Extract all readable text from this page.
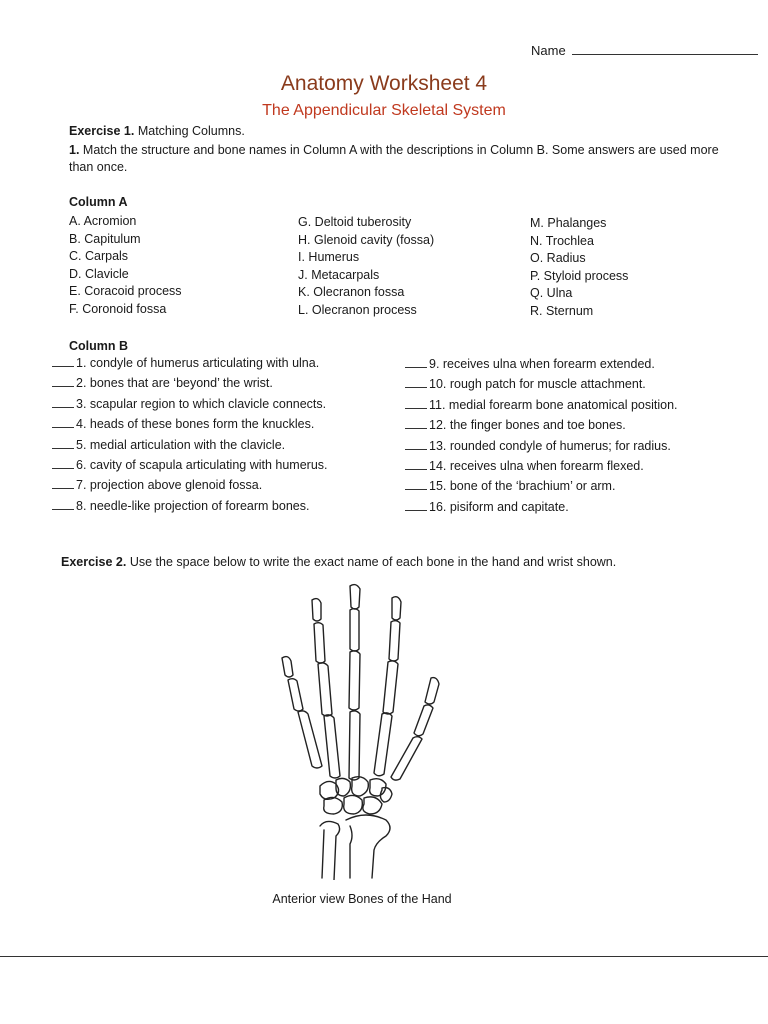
Name
Anatomy Worksheet 4
The Appendicular Skeletal System
Exercise 1. Matching Columns.
1. Match the structure and bone names in Column A with the descriptions in Column B. Some answers are used more than once.
Column A
A. Acromion
B. Capitulum
C. Carpals
D. Clavicle
E. Coracoid process
F. Coronoid fossa
G. Deltoid tuberosity
H. Glenoid cavity (fossa)
I. Humerus
J. Metacarpals
K. Olecranon fossa
L. Olecranon process
M. Phalanges
N. Trochlea
O. Radius
P. Styloid process
Q. Ulna
R. Sternum
Column B
1. condyle of humerus articulating with ulna.
2. bones that are ‘beyond’ the wrist.
3. scapular region to which clavicle connects.
4. heads of these bones form the knuckles.
5. medial articulation with the clavicle.
6. cavity of scapula articulating with humerus.
7. projection above glenoid fossa.
8. needle-like projection of forearm bones.
9. receives ulna when forearm extended.
10. rough patch for muscle attachment.
11. medial forearm bone anatomical position.
12. the finger bones and toe bones.
13. rounded condyle of humerus; for radius.
14. receives ulna when forearm flexed.
15. bone of the ‘brachium’ or arm.
16. pisiform and capitate.
Exercise 2. Use the space below to write the exact name of each bone in the hand and wrist shown.
Anterior view Bones of the Hand
